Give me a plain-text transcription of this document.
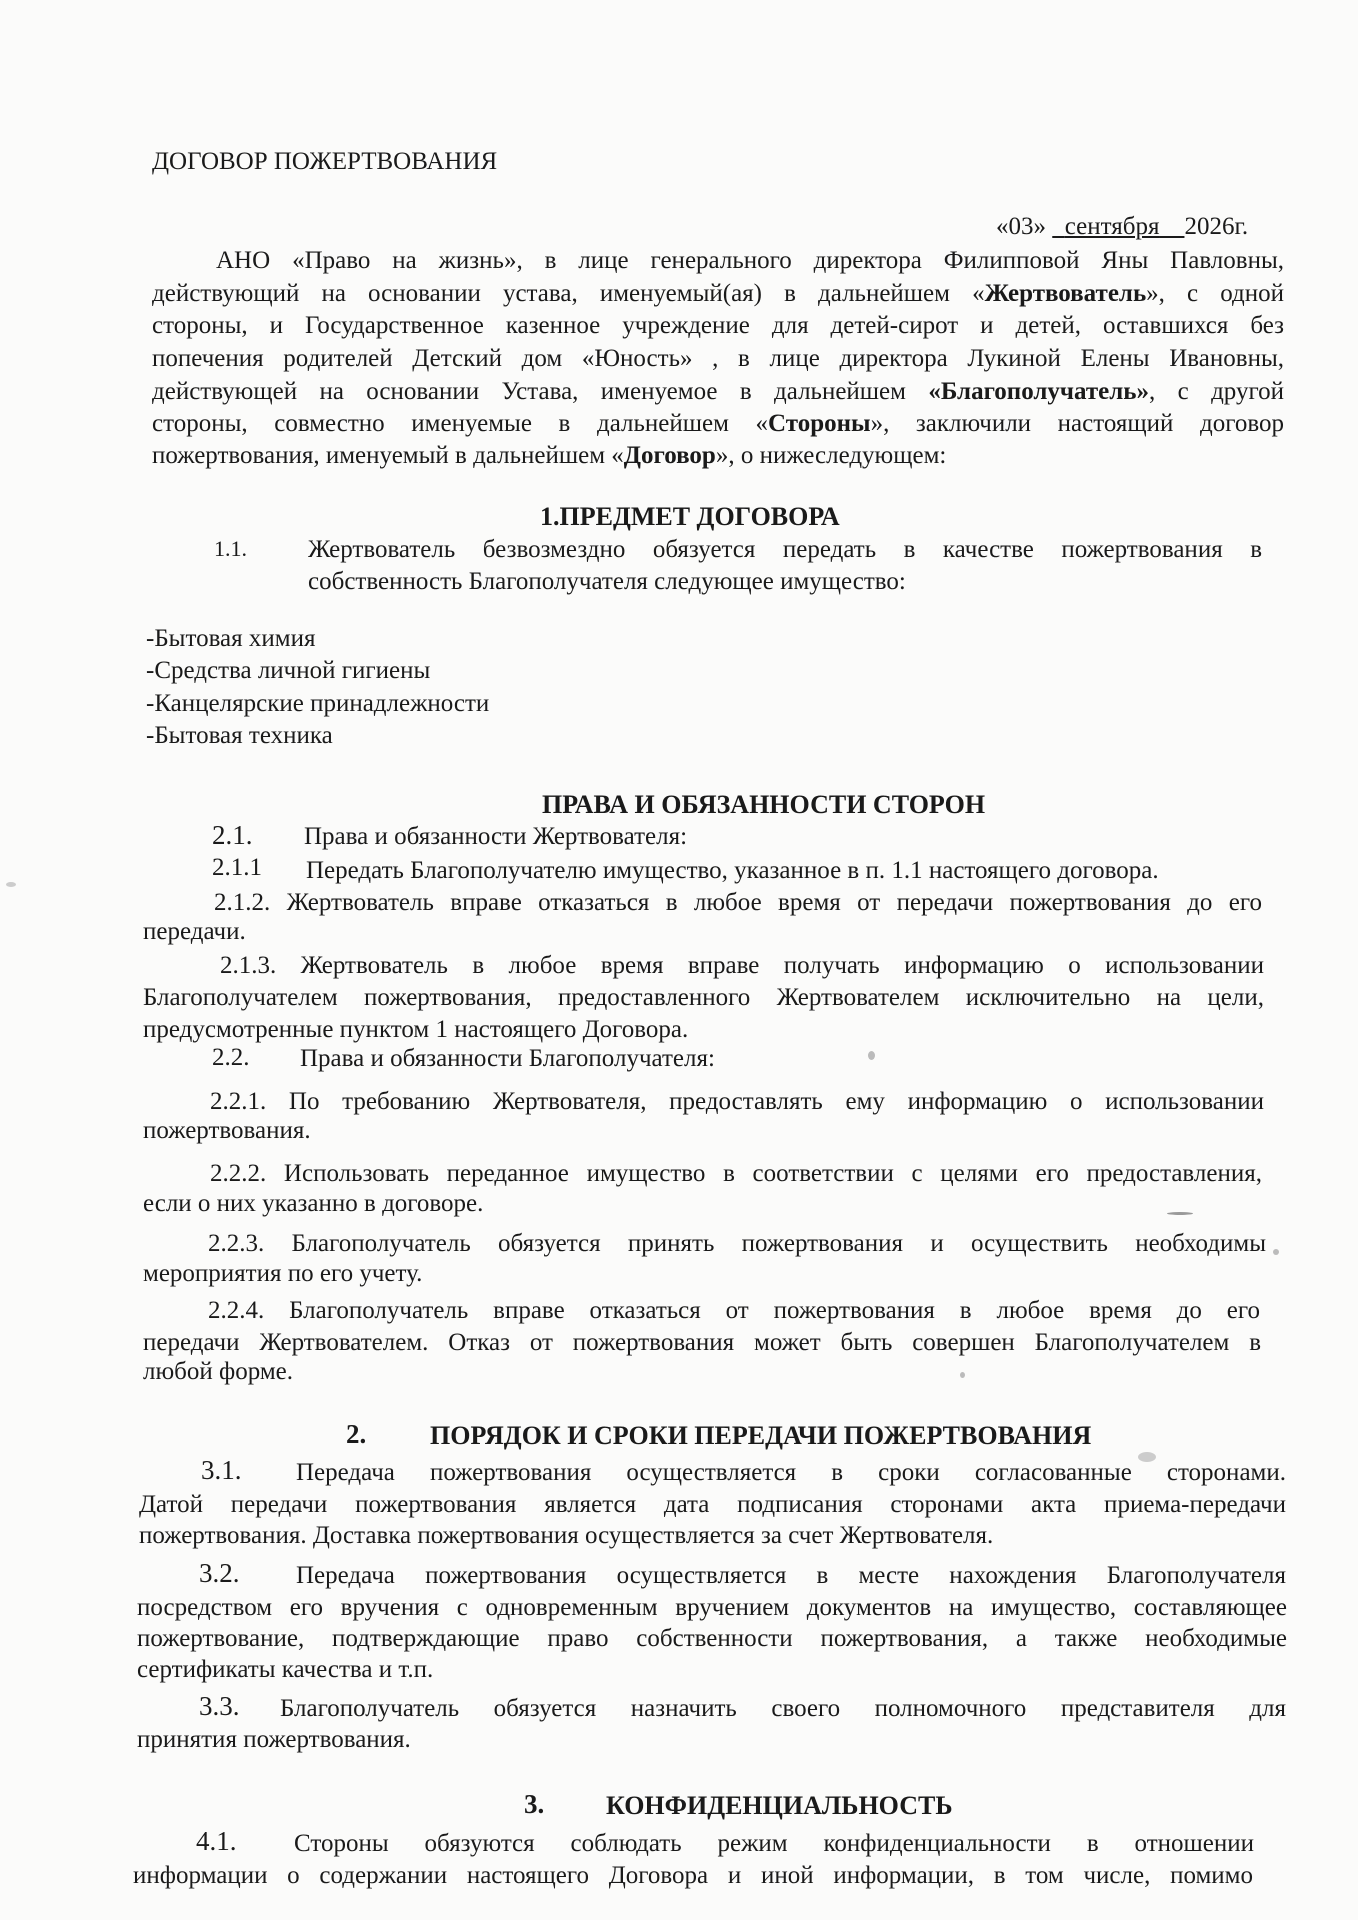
ДОГОВОР ПОЖЕРТВОВАНИЯ
«03» сентября 2026г.
АНО «Право на жизнь», в лице генерального директора Филипповой Яны Павловны,
действующий на основании устава, именуемый(ая) в дальнейшем «Жертвователь», с одной
стороны, и Государственное казенное учреждение для детей-сирот и детей, оставшихся без
попечения родителей Детский дом «Юность» , в лице директора Лукиной Елены Ивановны,
действующей на основании Устава, именуемое в дальнейшем «Благополучатель», с другой
стороны, совместно именуемые в дальнейшем «Стороны», заключили настоящий договор
пожертвования, именуемый в дальнейшем «Договор», о нижеследующем:
1.ПРЕДМЕТ ДОГОВОРА
1.1. Жертвователь безвозмездно обязуется передать в качестве пожертвования в
собственность Благополучателя следующее имущество:
-Бытовая химия
-Средства личной гигиены
-Канцелярские принадлежности
-Бытовая техника
ПРАВА И ОБЯЗАННОСТИ СТОРОН
2.1. Права и обязанности Жертвователя:
2.1.1 Передать Благополучателю имущество, указанное в п. 1.1 настоящего договора.
2.1.2. Жертвователь вправе отказаться в любое время от передачи пожертвования до его
передачи.
2.1.3. Жертвователь в любое время вправе получать информацию о использовании
Благополучателем пожертвования, предоставленного Жертвователем исключительно на цели,
предусмотренные пунктом 1 настоящего Договора.
2.2. Права и обязанности Благополучателя:
2.2.1. По требованию Жертвователя, предоставлять ему информацию о использовании
пожертвования.
2.2.2. Использовать переданное имущество в соответствии с целями его предоставления,
если о них указанно в договоре.
2.2.3. Благополучатель обязуется принять пожертвования и осуществить необходимы
мероприятия по его учету.
2.2.4. Благополучатель вправе отказаться от пожертвования в любое время до его
передачи Жертвователем. Отказ от пожертвования может быть совершен Благополучателем в
любой форме.
2. ПОРЯДОК И СРОКИ ПЕРЕДАЧИ ПОЖЕРТВОВАНИЯ
3.1. Передача пожертвования осуществляется в сроки согласованные сторонами.
Датой передачи пожертвования является дата подписания сторонами акта приема-передачи
пожертвования. Доставка пожертвования осуществляется за счет Жертвователя.
3.2. Передача пожертвования осуществляется в месте нахождения Благополучателя
посредством его вручения с одновременным вручением документов на имущество, составляющее
пожертвование, подтверждающие право собственности пожертвования, а также необходимые
сертификаты качества и т.п.
3.3. Благополучатель обязуется назначить своего полномочного представителя для
принятия пожертвования.
3. КОНФИДЕНЦИАЛЬНОСТЬ
4.1. Стороны обязуются соблюдать режим конфиденциальности в отношении
информации о содержании настоящего Договора и иной информации, в том числе, помимо
